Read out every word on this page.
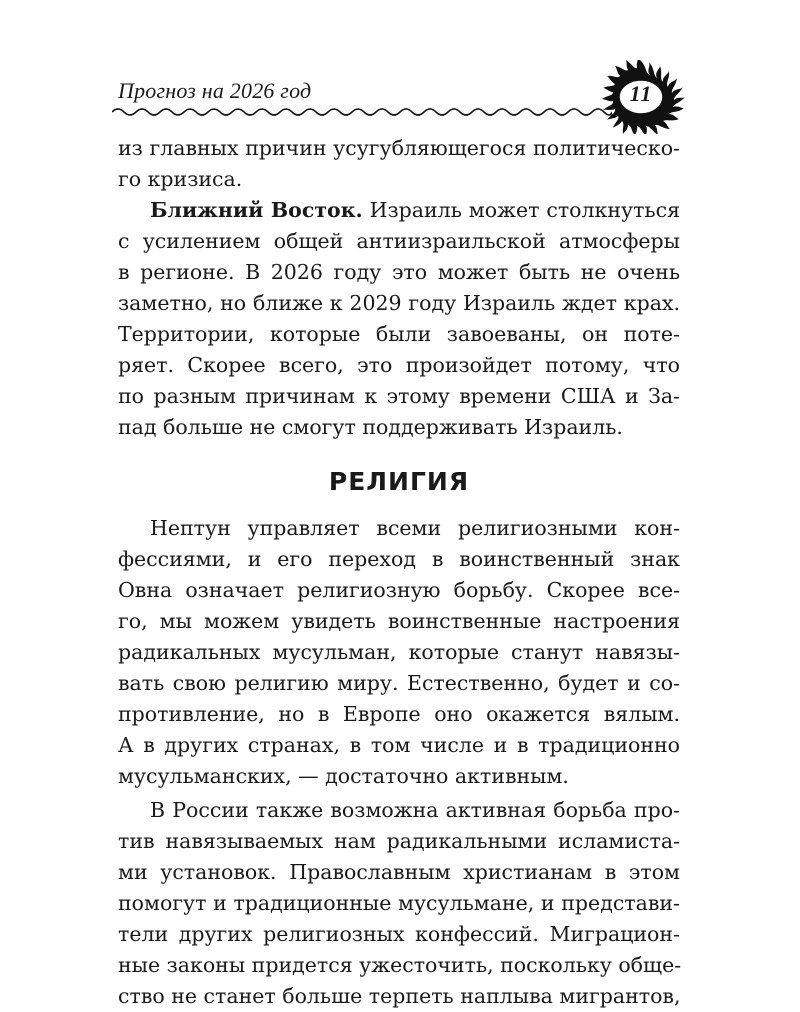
Прогноз на 2026 год	11
из главных причин усугубляющегося политическо-
го кризиса.
Ближний Восток. Израиль может столкнуться
с усилением общей антиизраильской атмосферы
в регионе. В 2026 году это может быть не очень
заметно, но ближе к 2029 году Израиль ждет крах.
Территории, которые были завоеваны, он поте-
ряет. Скорее всего, это произойдет потому, что
по разным причинам к этому времени США и За-
пад больше не смогут поддерживать Израиль.
РЕЛИГИЯ
Нептун управляет всеми религиозными кон-
фессиями, и его переход в воинственный знак
Овна означает религиозную борьбу. Скорее все-
го, мы можем увидеть воинственные настроения
радикальных мусульман, которые станут навязы-
вать свою религию миру. Естественно, будет и со-
противление, но в Европе оно окажется вялым.
А в других странах, в том числе и в традиционно
мусульманских, — достаточно активным.
В России также возможна активная борьба про-
тив навязываемых нам радикальными исламиста-
ми установок. Православным христианам в этом
помогут и традиционные мусульмане, и представи-
тели других религиозных конфессий. Миграцион-
ные законы придется ужесточить, поскольку обще-
ство не станет больше терпеть наплыва мигрантов,
